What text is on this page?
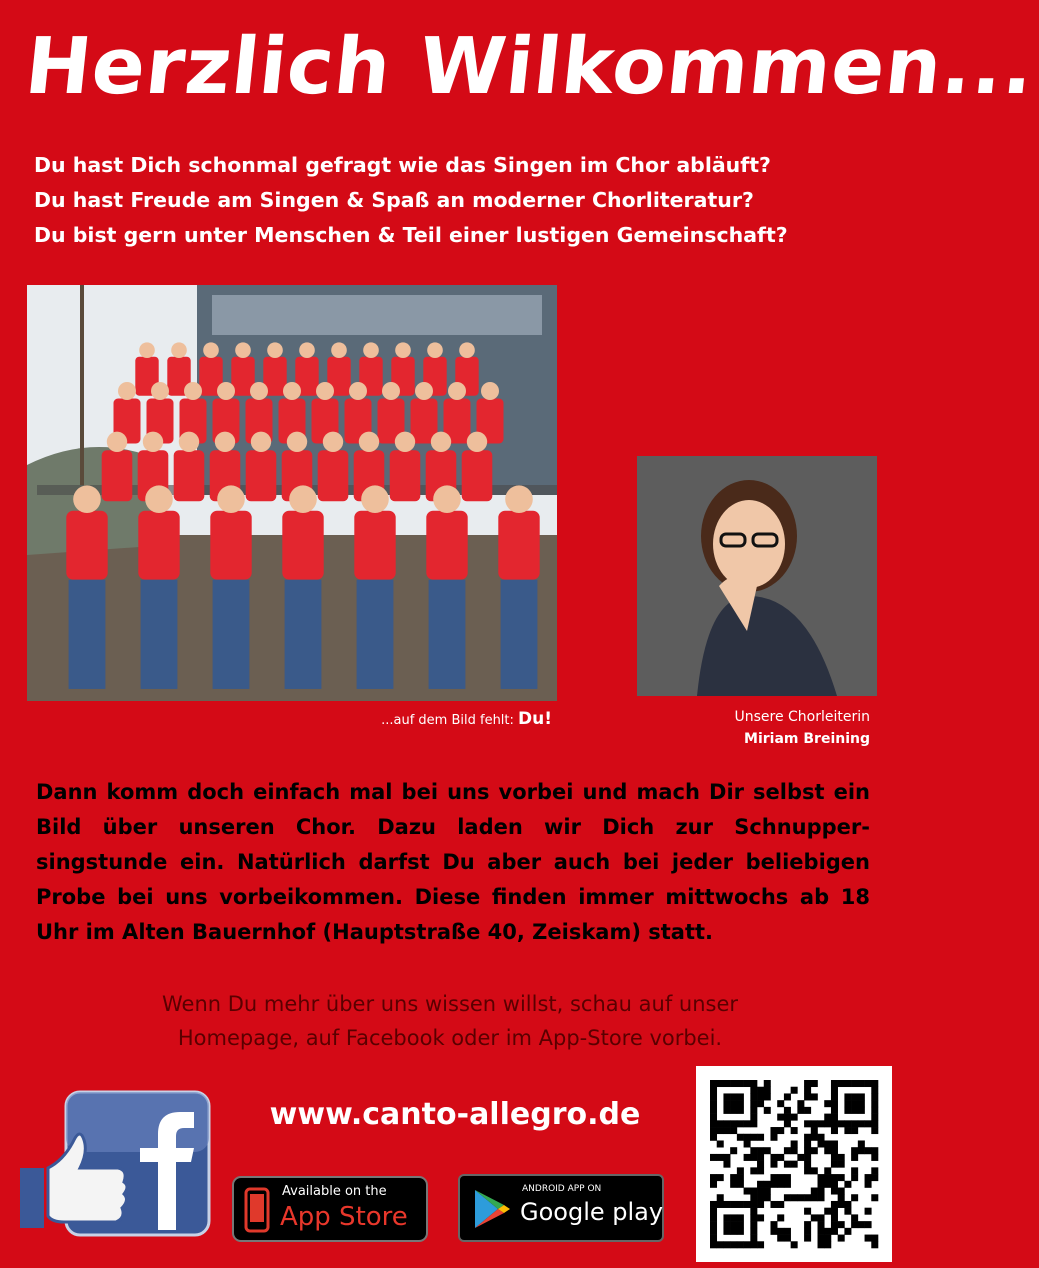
Herzlich Wilkommen...
Du hast Dich schonmal gefragt wie das Singen im Chor abläuft?
Du hast Freude am Singen & Spaß an moderner Chorliteratur?
Du bist gern unter Menschen & Teil einer lustigen Gemeinschaft?
...auf dem Bild fehlt: Du!	Unsere Chorleiterin
Miriam Breining
Dann komm doch einfach mal bei uns vorbei und mach Dir selbst ein Bild über unseren Chor. Dazu laden wir Dich zur Schnupper-singstunde ein. Natürlich darfst Du aber auch bei jeder beliebigen Probe bei uns vorbeikommen. Diese finden immer mittwochs ab 18 Uhr im Alten Bauernhof (Hauptstraße 40, Zeiskam) statt.
Wenn Du mehr über uns wissen willst, schau auf unser
Homepage, auf Facebook oder im App-Store vorbei.
www.canto-allegro.de
Available on the
App Store
ANDROID APP ON
Google play
